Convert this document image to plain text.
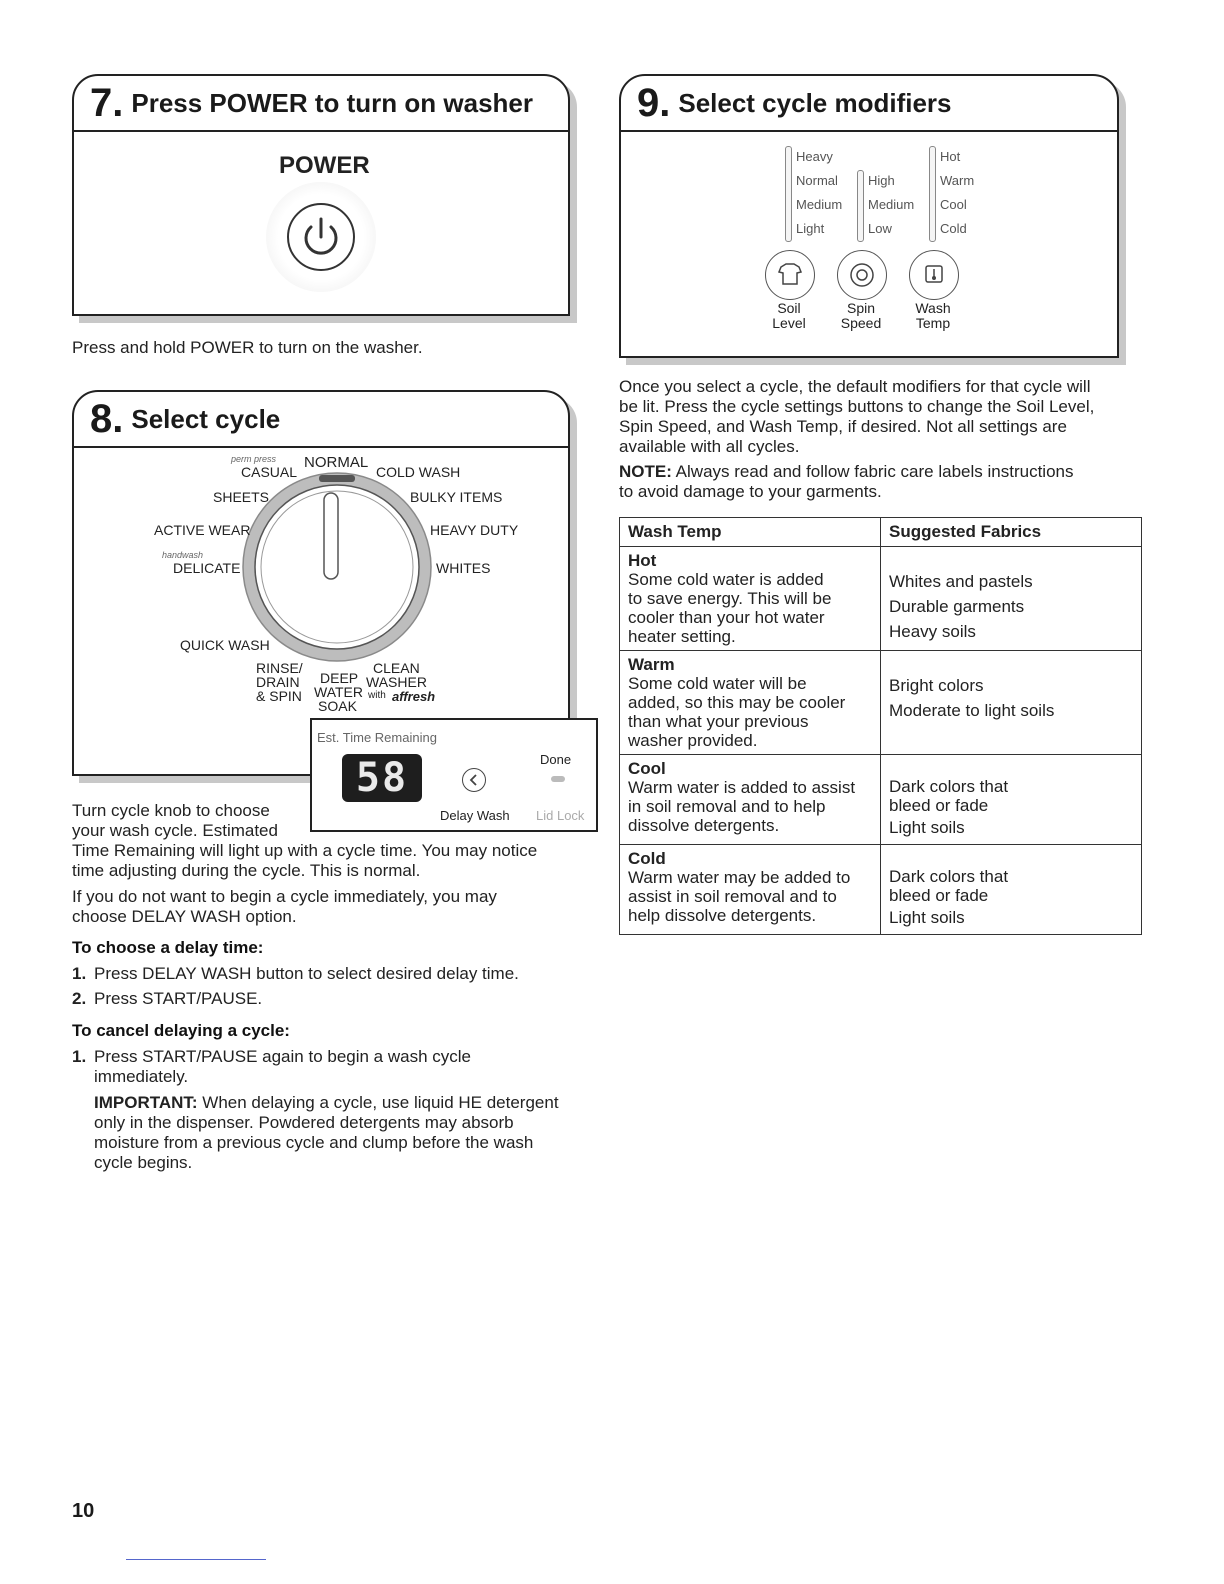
7. Press POWER to turn on washer
POWER
Press and hold POWER to turn on the washer.
8. Select cycle
perm press NORMAL
CASUAL	COLD WASH
SHEETS	BULKY ITEMS
ACTIVE WEAR	HEAVY DUTY
handwash
DELICATE	WHITES
QUICK WASH
RINSE/
DRAIN
& SPIN
DEEP
WATER
SOAK
CLEAN
WASHER
with affresh
Est. Time Remaining
58	Done
Delay Wash Lid Lock
Turn cycle knob to choose
your wash cycle. Estimated
Time Remaining will light up with a cycle time. You may notice
time adjusting during the cycle. This is normal.
If you do not want to begin a cycle immediately, you may
choose DELAY WASH option.
To choose a delay time:
1. Press DELAY WASH button to select desired delay time.
2. Press START/PAUSE.
To cancel delaying a cycle:
1. Press START/PAUSE again to begin a wash cycle
immediately.
IMPORTANT: When delaying a cycle, use liquid HE detergent
only in the dispenser. Powdered detergents may absorb
moisture from a previous cycle and clump before the wash
cycle begins.
9. Select cycle modifiers
Heavy
Normal
Medium
Light
High
Medium
Low
Hot
Warm
Cool
Cold
Soil
Level
Spin
Speed
Wash
Temp
Once you select a cycle, the default modifiers for that cycle will
be lit. Press the cycle settings buttons to change the Soil Level,
Spin Speed, and Wash Temp, if desired. Not all settings are
available with all cycles.
NOTE: Always read and follow fabric care labels instructions
to avoid damage to your garments.
Wash Temp	Suggested Fabrics

Hot
Some cold water is added
to save energy. This will be
cooler than your hot water
heater setting.	Whites and pastels
Durable garments
Heavy soils

Warm
Some cold water will be
added, so this may be cooler
than what your previous
washer provided.	Bright colors
Moderate to light soils

Cool
Warm water is added to assist
in soil removal and to help
dissolve detergents.	Dark colors that
bleed or fade
Light soils

Cold
Warm water may be added to
assist in soil removal and to
help dissolve detergents.	Dark colors that
bleed or fade
Light soils
10
